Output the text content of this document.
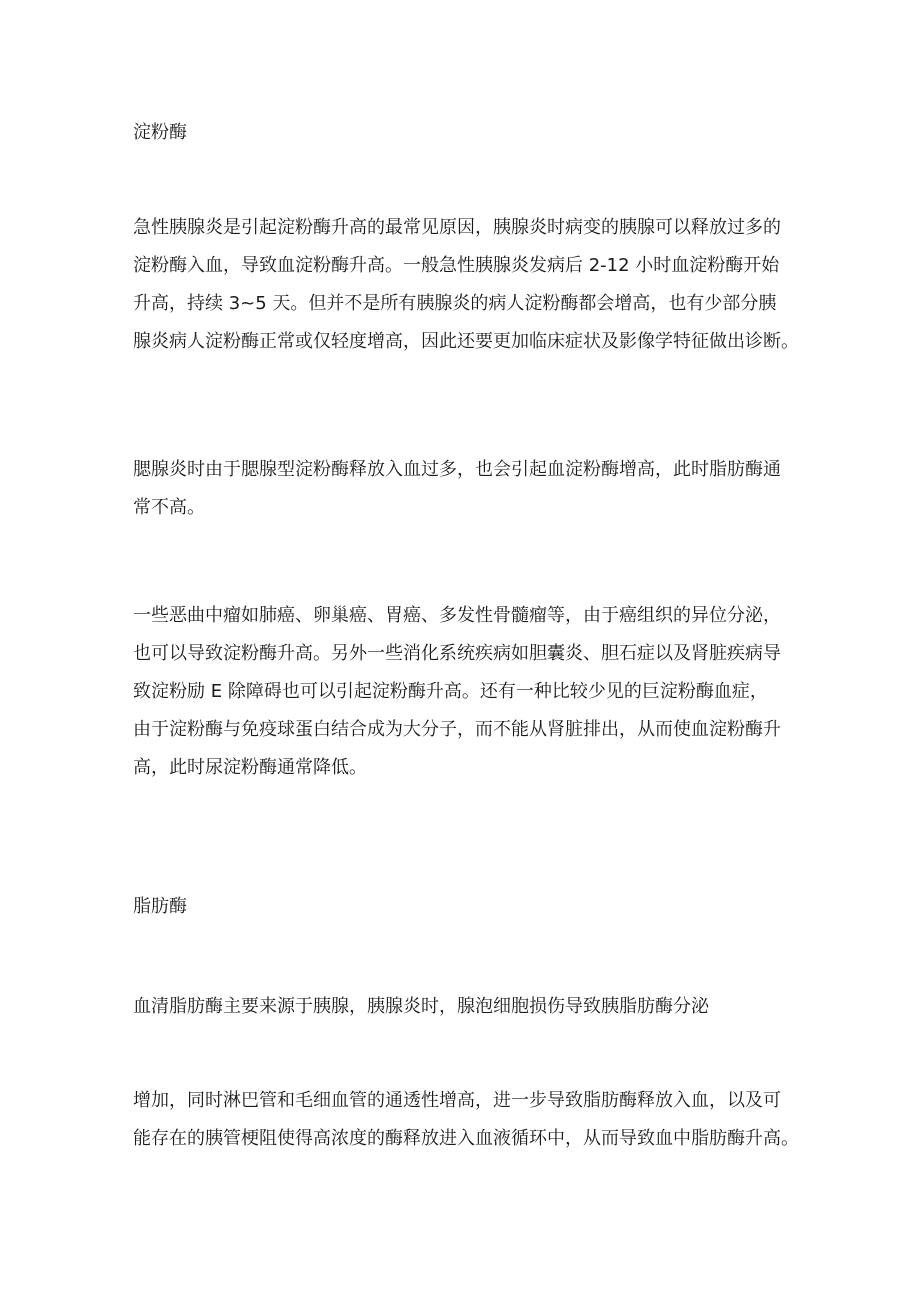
淀粉酶
急性胰腺炎是引起淀粉酶升高的最常见原因，胰腺炎时病变的胰腺可以释放过多的
淀粉酶入血，导致血淀粉酶升高。一般急性胰腺炎发病后 2-12 小时血淀粉酶开始
升高，持续 3~5 天。但并不是所有胰腺炎的病人淀粉酶都会增高，也有少部分胰
腺炎病人淀粉酶正常或仅轻度增高，因此还要更加临床症状及影像学特征做出诊断。
腮腺炎时由于腮腺型淀粉酶释放入血过多，也会引起血淀粉酶增高，此时脂肪酶通
常不高。
一些恶曲中瘤如肺癌、卵巢癌、胃癌、多发性骨髓瘤等，由于癌组织的异位分泌，
也可以导致淀粉酶升高。另外一些消化系统疾病如胆囊炎、胆石症以及肾脏疾病导
致淀粉励 E 除障碍也可以引起淀粉酶升高。还有一种比较少见的巨淀粉酶血症，
由于淀粉酶与免疫球蛋白结合成为大分子，而不能从肾脏排出，从而使血淀粉酶升
高，此时尿淀粉酶通常降低。
脂肪酶
血清脂肪酶主要来源于胰腺，胰腺炎时，腺泡细胞损伤导致胰脂肪酶分泌
增加，同时淋巴管和毛细血管的通透性增高，进一步导致脂肪酶释放入血，以及可
能存在的胰管梗阻使得高浓度的酶释放进入血液循环中，从而导致血中脂肪酶升高。
